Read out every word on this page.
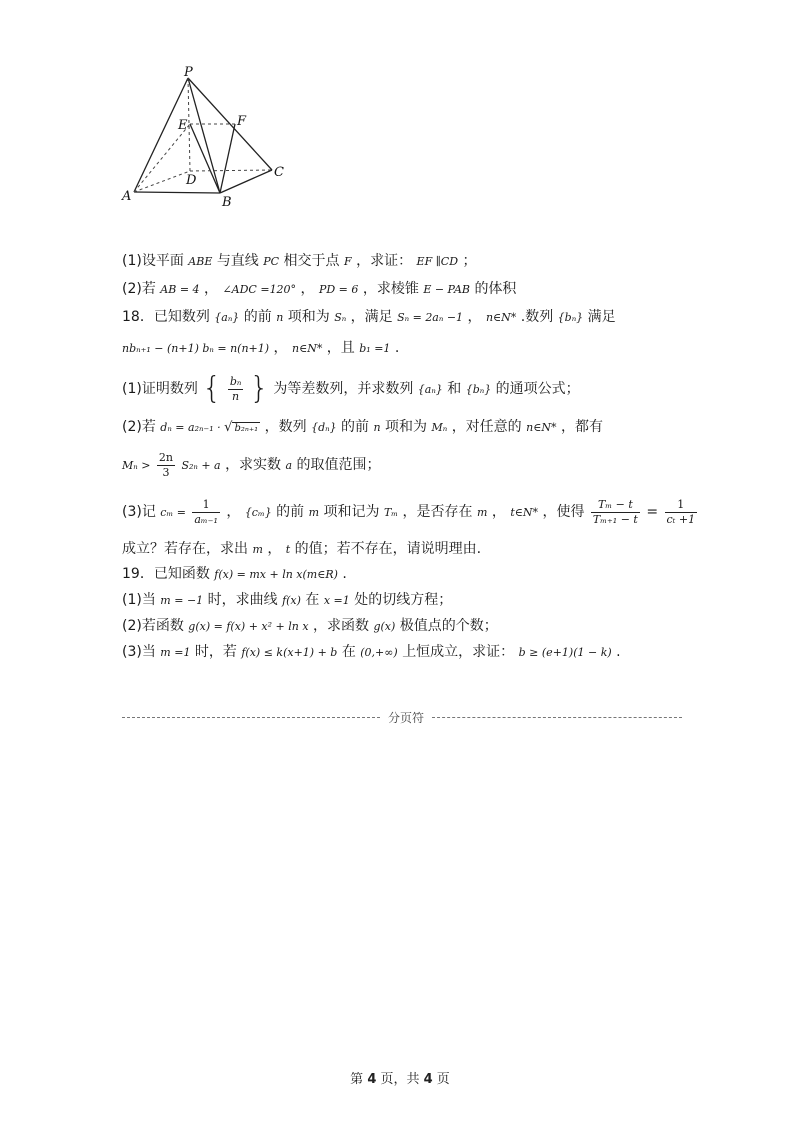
P
E	F
D
A	B
C
(1)设平面 ABE 与直线 PC 相交于点 F ，求证： EF ∥CD ；
(2)若 AB = 4 ， ∠ADC =120° ， PD = 6 ，求棱锥 E − PAB 的体积
18．已知数列 {aₙ} 的前 n 项和为 Sₙ ，满足 Sₙ = 2aₙ −1 ， n∈N* .数列 {bₙ} 满足
nbₙ₊₁ − (n+1) bₙ = n(n+1) ， n∈N* ，且 b₁ =1 .
(1)证明数列 { $\frac{\text{bₙ}}{n}$ } 为等差数列，并求数列 {aₙ} 和 {bₙ} 的通项公式；
(2)若 dₙ = a₂ₙ₋₁ · √ b₂ₙ₊₁ ，数列 {dₙ} 的前 n 项和为 Mₙ ，对任意的 n∈N* ，都有
$M_n > \frac{2n}{3} S_{2n} + a$ ，求实数 a 的取值范围；
(3)记 $c_m = \frac{1}{\text{aₘ₋₁}}$ ， {cₘ} 的前 m 项和记为 Tₘ ，是否存在 m ， t∈N* ，使得 $\frac{\text{Tₘ − t}}{\text{Tₘ₊₁ − t}} = \frac{1}{\text{cₜ +1}}$
成立？若存在，求出 m ， t 的值；若不存在，请说明理由.
19．已知函数 f(x) = mx + ln x(m∈R) .
(1)当 m = −1 时，求曲线 f(x) 在 x =1 处的切线方程；
(2)若函数 g(x) = f(x) + x² + ln x ，求函数 g(x) 极值点的个数；
(3)当 m =1 时，若 f(x) ≤ k(x+1) + b 在 (0,+∞) 上恒成立，求证： b ≥ (e+1)(1 − k) .
分页符
第 4 页，共 4 页
